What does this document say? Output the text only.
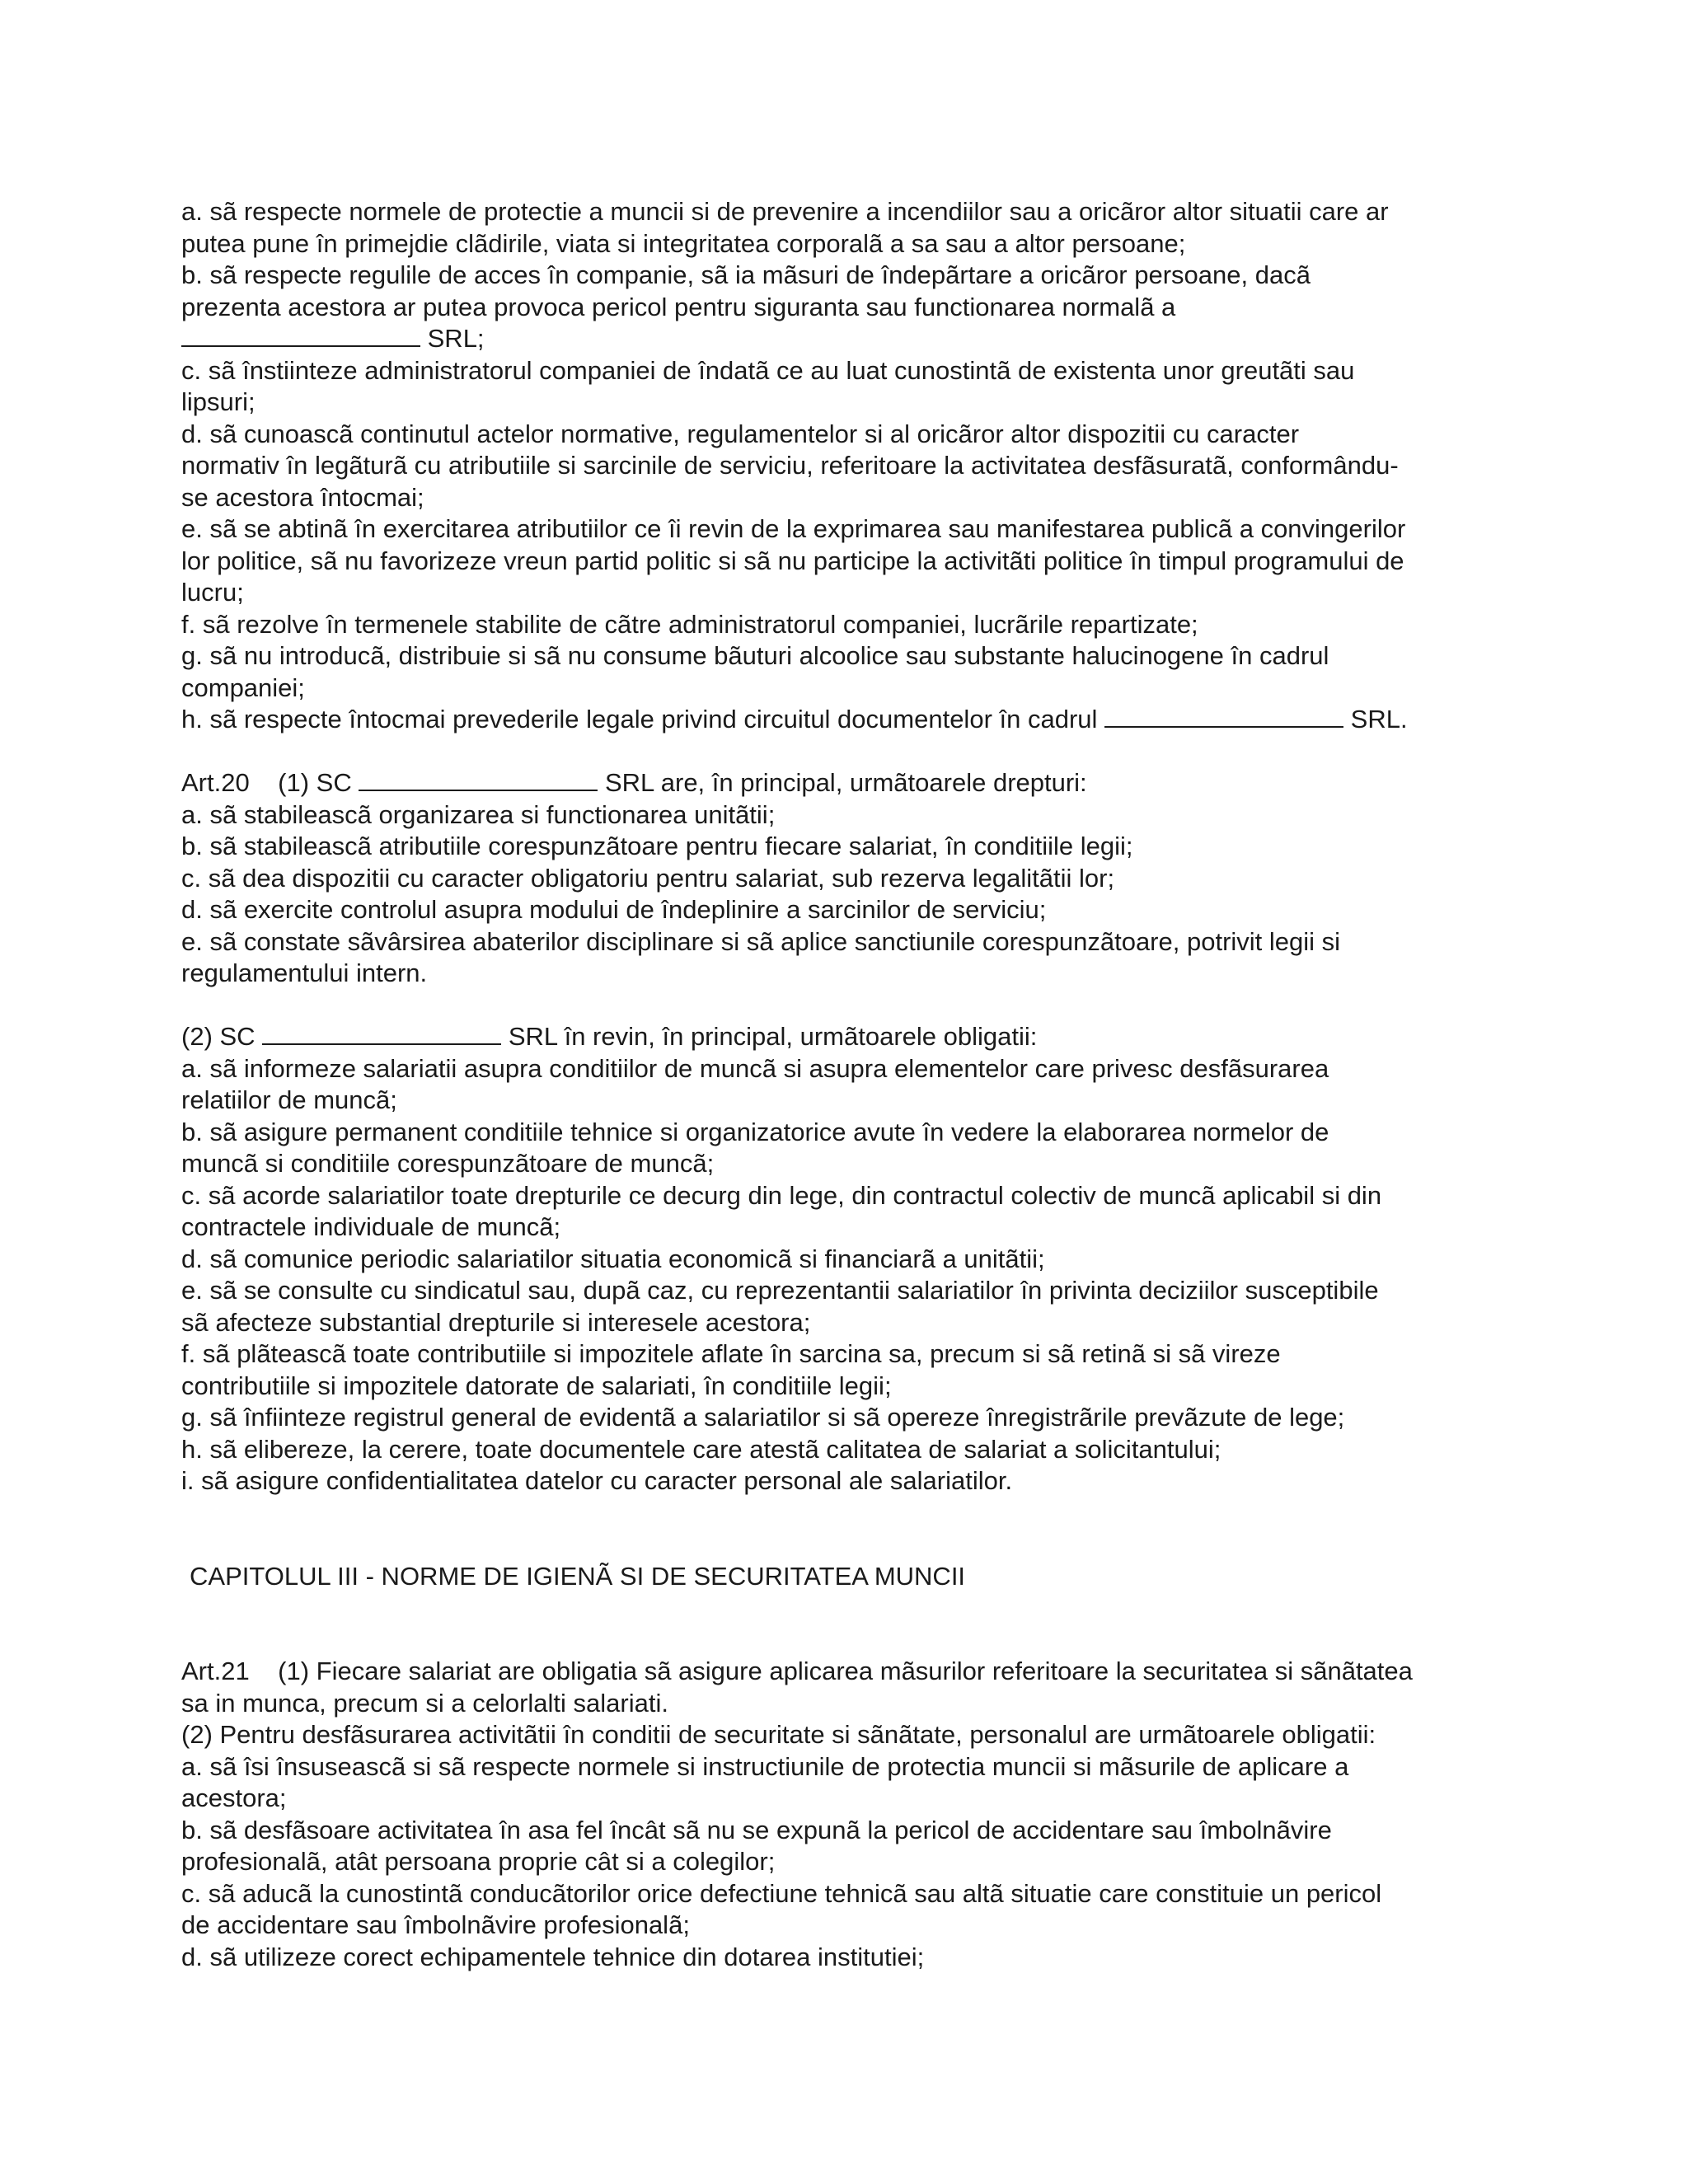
a. sã respecte normele de protectie a muncii si de prevenire a incendiilor sau a oricãror altor situatii care ar

putea pune în primejdie clãdirile, viata si integritatea corporalã a sa sau a altor persoane;

b. sã respecte regulile de acces în companie, sã ia mãsuri de îndepãrtare a oricãror persoane, dacã

prezenta acestora ar putea provoca pericol pentru siguranta sau functionarea normalã a

SRL;

c. sã înstiinteze administratorul companiei de îndatã ce au luat cunostintã de existenta unor greutãti sau

lipsuri;

d. sã cunoascã continutul actelor normative, regulamentelor si al oricãror altor dispozitii cu caracter

normativ în legãturã cu atributiile si sarcinile de serviciu, referitoare la activitatea desfãsuratã, conformându-

se acestora întocmai;

e. sã se abtinã în exercitarea atributiilor ce îi revin de la exprimarea sau manifestarea publicã a convingerilor

lor politice, sã nu favorizeze vreun partid politic si sã nu participe la activitãti politice în timpul programului de

lucru;

f. sã rezolve în termenele stabilite de cãtre administratorul companiei, lucrãrile repartizate;

g. sã nu introducã, distribuie si sã nu consume bãuturi alcoolice sau substante halucinogene în cadrul

companiei;

h. sã respecte întocmai prevederile legale privind circuitul documentelor în cadrul	SRL.

Art.20    (1) SC	SRL are, în principal, urmãtoarele drepturi:

a. sã stabileascã organizarea si functionarea unitãtii;

b. sã stabileascã atributiile corespunzãtoare pentru fiecare salariat, în conditiile legii;

c. sã dea dispozitii cu caracter obligatoriu pentru salariat, sub rezerva legalitãtii lor;

d. sã exercite controlul asupra modului de îndeplinire a sarcinilor de serviciu;

e. sã constate sãvârsirea abaterilor disciplinare si sã aplice sanctiunile corespunzãtoare, potrivit legii si

regulamentului intern.

(2) SC	SRL în revin, în principal, urmãtoarele obligatii:

a. sã informeze salariatii asupra conditiilor de muncã si asupra elementelor care privesc desfãsurarea

relatiilor de muncã;

b. sã asigure permanent conditiile tehnice si organizatorice avute în vedere la elaborarea normelor de

muncã si conditiile corespunzãtoare de muncã;

c. sã acorde salariatilor toate drepturile ce decurg din lege, din contractul colectiv de muncã aplicabil si din

contractele individuale de muncã;

d. sã comunice periodic salariatilor situatia economicã si financiarã a unitãtii;

e. sã se consulte cu sindicatul sau, dupã caz, cu reprezentantii salariatilor în privinta deciziilor susceptibile

sã afecteze substantial drepturile si interesele acestora;

f. sã plãteascã toate contributiile si impozitele aflate în sarcina sa, precum si sã retinã si sã vireze

contributiile si impozitele datorate de salariati, în conditiile legii;

g. sã înfiinteze registrul general de evidentã a salariatilor si sã opereze înregistrãrile prevãzute de lege;

h. sã elibereze, la cerere, toate documentele care atestã calitatea de salariat a solicitantului;

i. sã asigure confidentialitatea datelor cu caracter personal ale salariatilor.

CAPITOLUL III - NORME DE IGIENÃ SI DE SECURITATEA MUNCII

Art.21    (1) Fiecare salariat are obligatia sã asigure aplicarea mãsurilor referitoare la securitatea si sãnãtatea

sa in munca, precum si a celorlalti salariati.

(2) Pentru desfãsurarea activitãtii în conditii de securitate si sãnãtate, personalul are urmãtoarele obligatii:

a. sã îsi însuseascã si sã respecte normele si instructiunile de protectia muncii si mãsurile de aplicare a

acestora;

b. sã desfãsoare activitatea în asa fel încât sã nu se expunã la pericol de accidentare sau îmbolnãvire

profesionalã, atât persoana proprie cât si a colegilor;

c. sã aducã la cunostintã conducãtorilor orice defectiune tehnicã sau altã situatie care constituie un pericol

de accidentare sau îmbolnãvire profesionalã;

d. sã utilizeze corect echipamentele tehnice din dotarea institutiei;
